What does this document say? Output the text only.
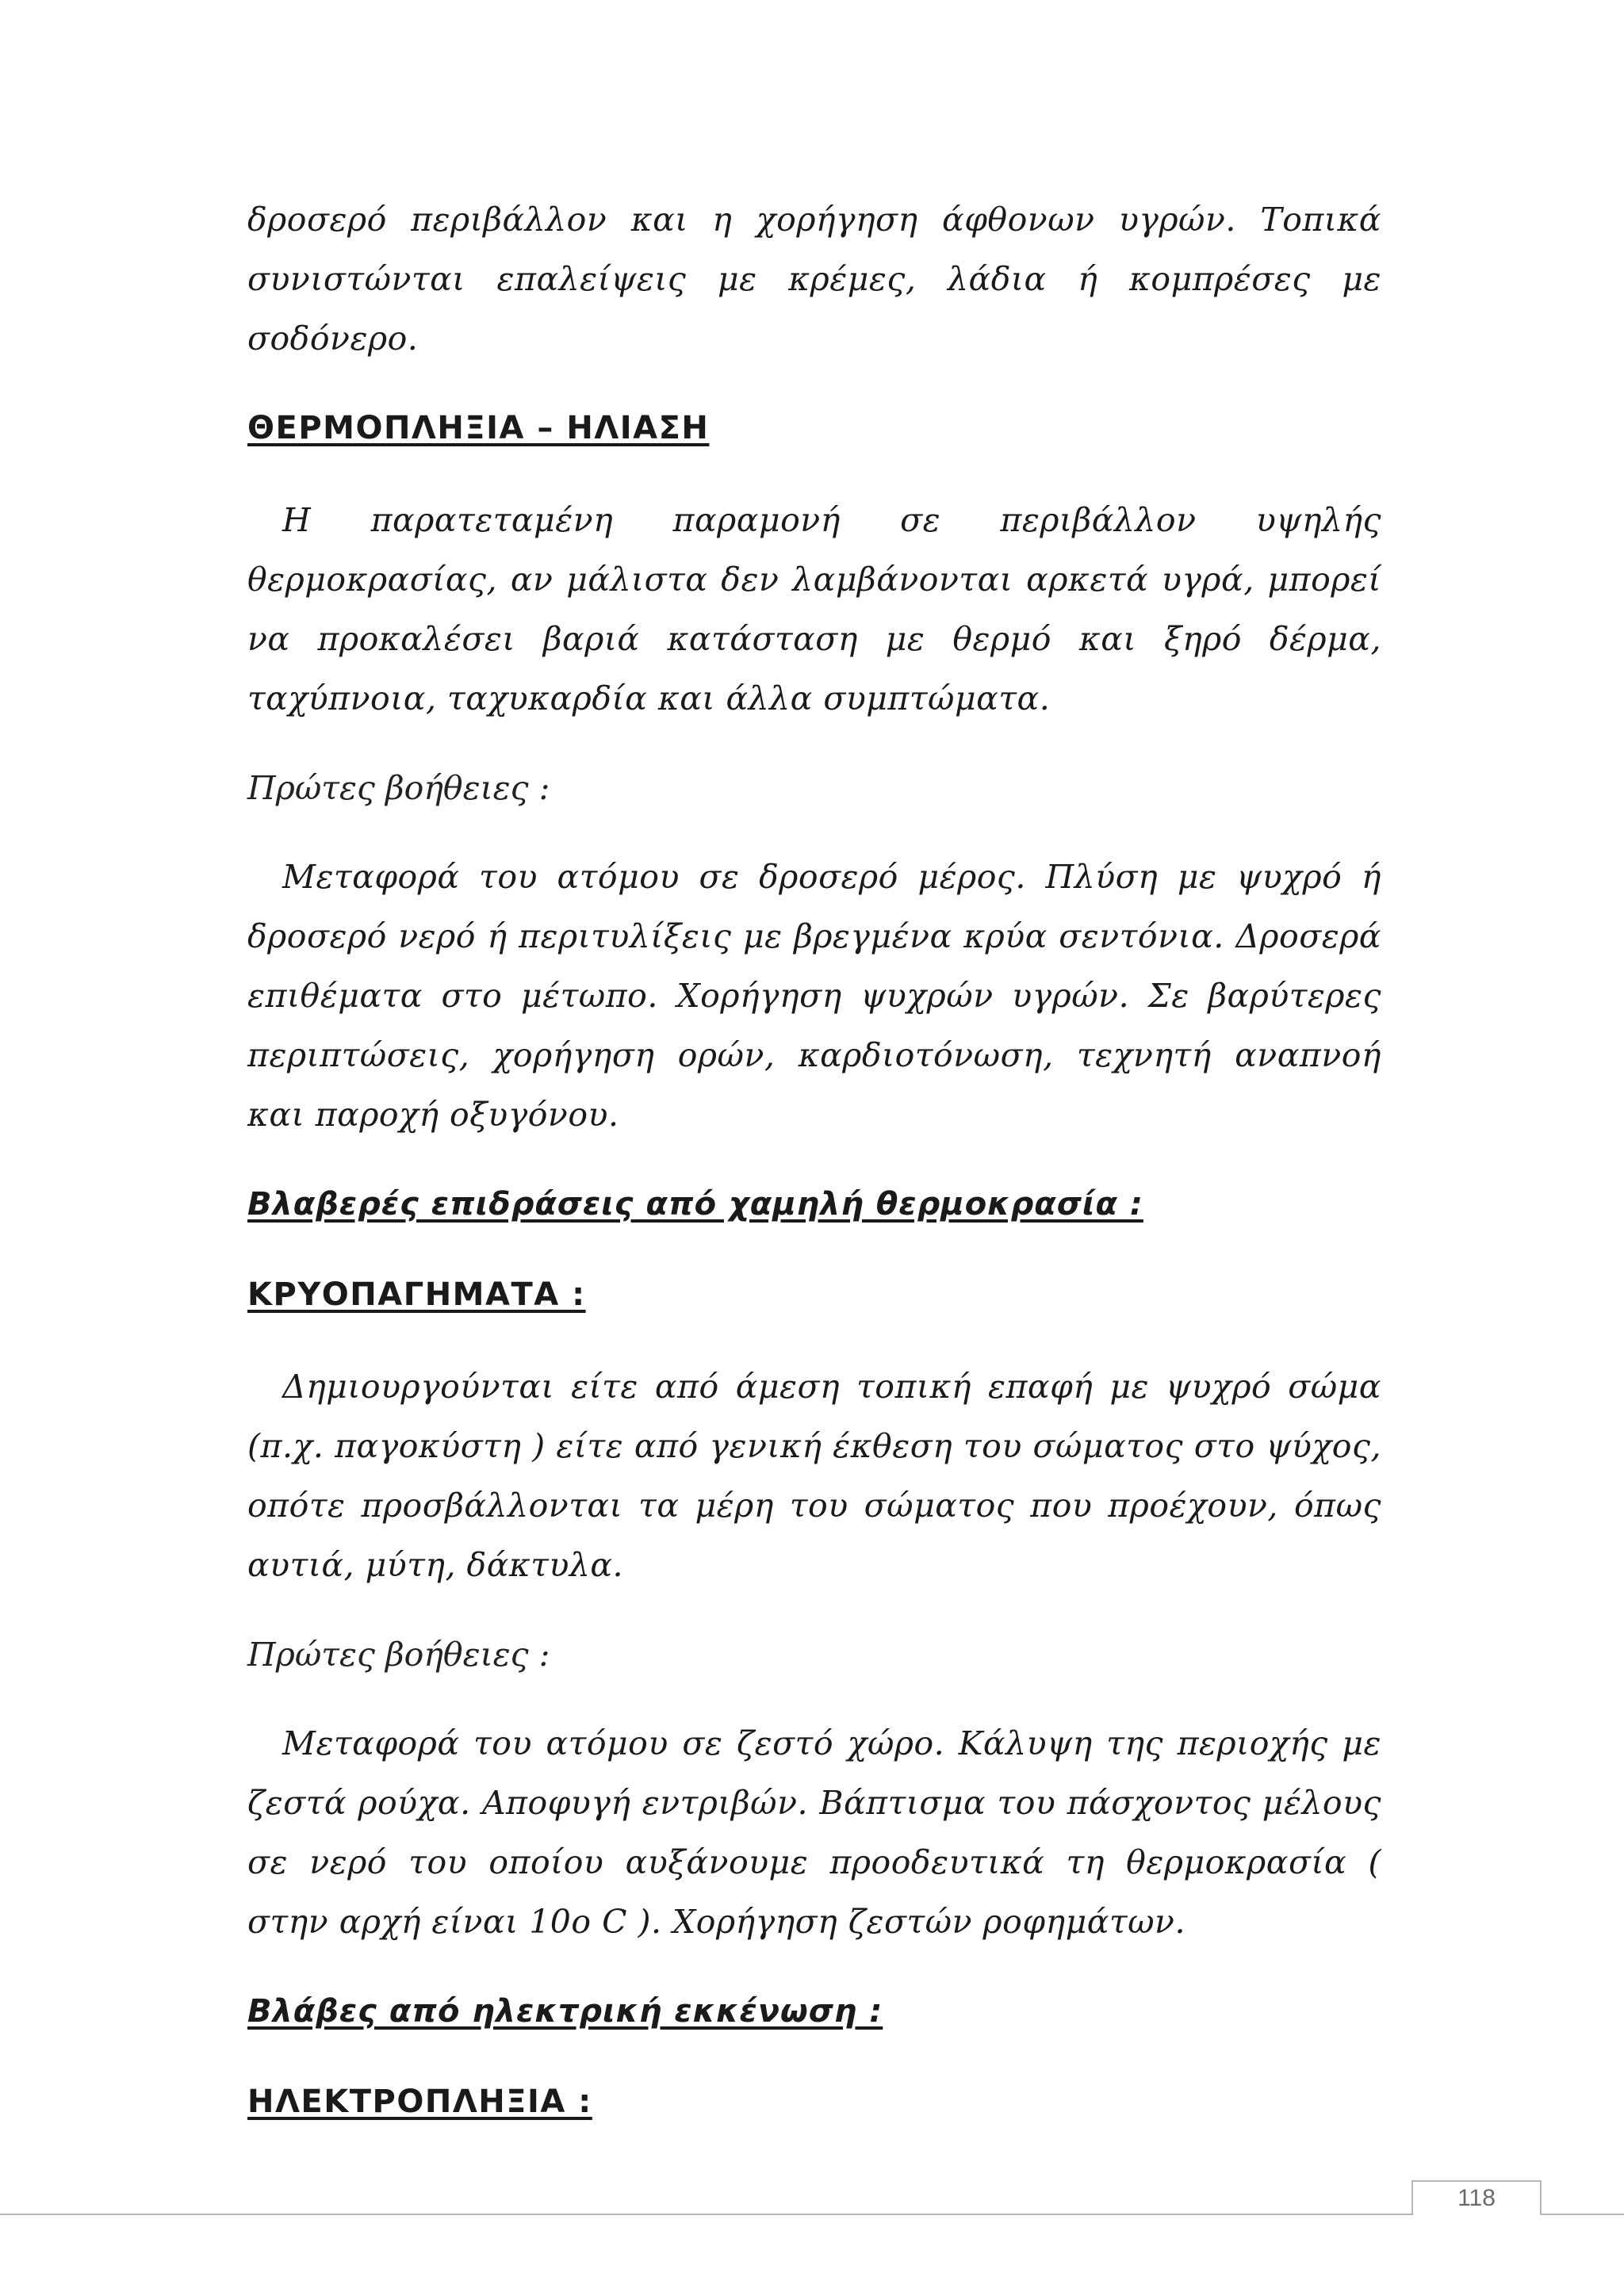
δροσερό περιβάλλον και η χορήγηση άφθονων υγρών. Τοπικά συνιστώνται επαλείψεις με κρέμες, λάδια ή κομπρέσες με σοδόνερο.

ΘΕΡΜΟΠΛΗΞΙΑ – ΗΛΙΑΣΗ

Η παρατεταμένη παραμονή σε περιβάλλον υψηλής θερμοκρασίας, αν μάλιστα δεν λαμβάνονται αρκετά υγρά, μπορεί να προκαλέσει βαριά κατάσταση με θερμό και ξηρό δέρμα, ταχύπνοια, ταχυκαρδία και άλλα συμπτώματα.

Πρώτες βοήθειες :

Μεταφορά του ατόμου σε δροσερό μέρος. Πλύση με ψυχρό ή δροσερό νερό ή περιτυλίξεις με βρεγμένα κρύα σεντόνια. Δροσερά επιθέματα στο μέτωπο. Χορήγηση ψυχρών υγρών. Σε βαρύτερες περιπτώσεις, χορήγηση ορών, καρδιοτόνωση, τεχνητή αναπνοή και παροχή οξυγόνου.

Βλαβερές επιδράσεις από χαμηλή θερμοκρασία :
ΚΡΥΟΠΑΓΗΜΑΤΑ :

Δημιουργούνται είτε από άμεση τοπική επαφή με ψυχρό σώμα (π.χ. παγοκύστη ) είτε από γενική έκθεση του σώματος στο ψύχος, οπότε προσβάλλονται τα μέρη του σώματος που προέχουν, όπως αυτιά, μύτη, δάκτυλα.

Πρώτες βοήθειες :

Μεταφορά του ατόμου σε ζεστό χώρο. Κάλυψη της περιοχής με ζεστά ρούχα. Αποφυγή εντριβών. Βάπτισμα του πάσχοντος μέλους σε νερό του οποίου αυξάνουμε προοδευτικά τη θερμοκρασία ( στην αρχή είναι 10ο C ). Χορήγηση ζεστών ροφημάτων.

Βλάβες από ηλεκτρική εκκένωση :
ΗΛΕΚΤΡΟΠΛΗΞΙΑ :
118
